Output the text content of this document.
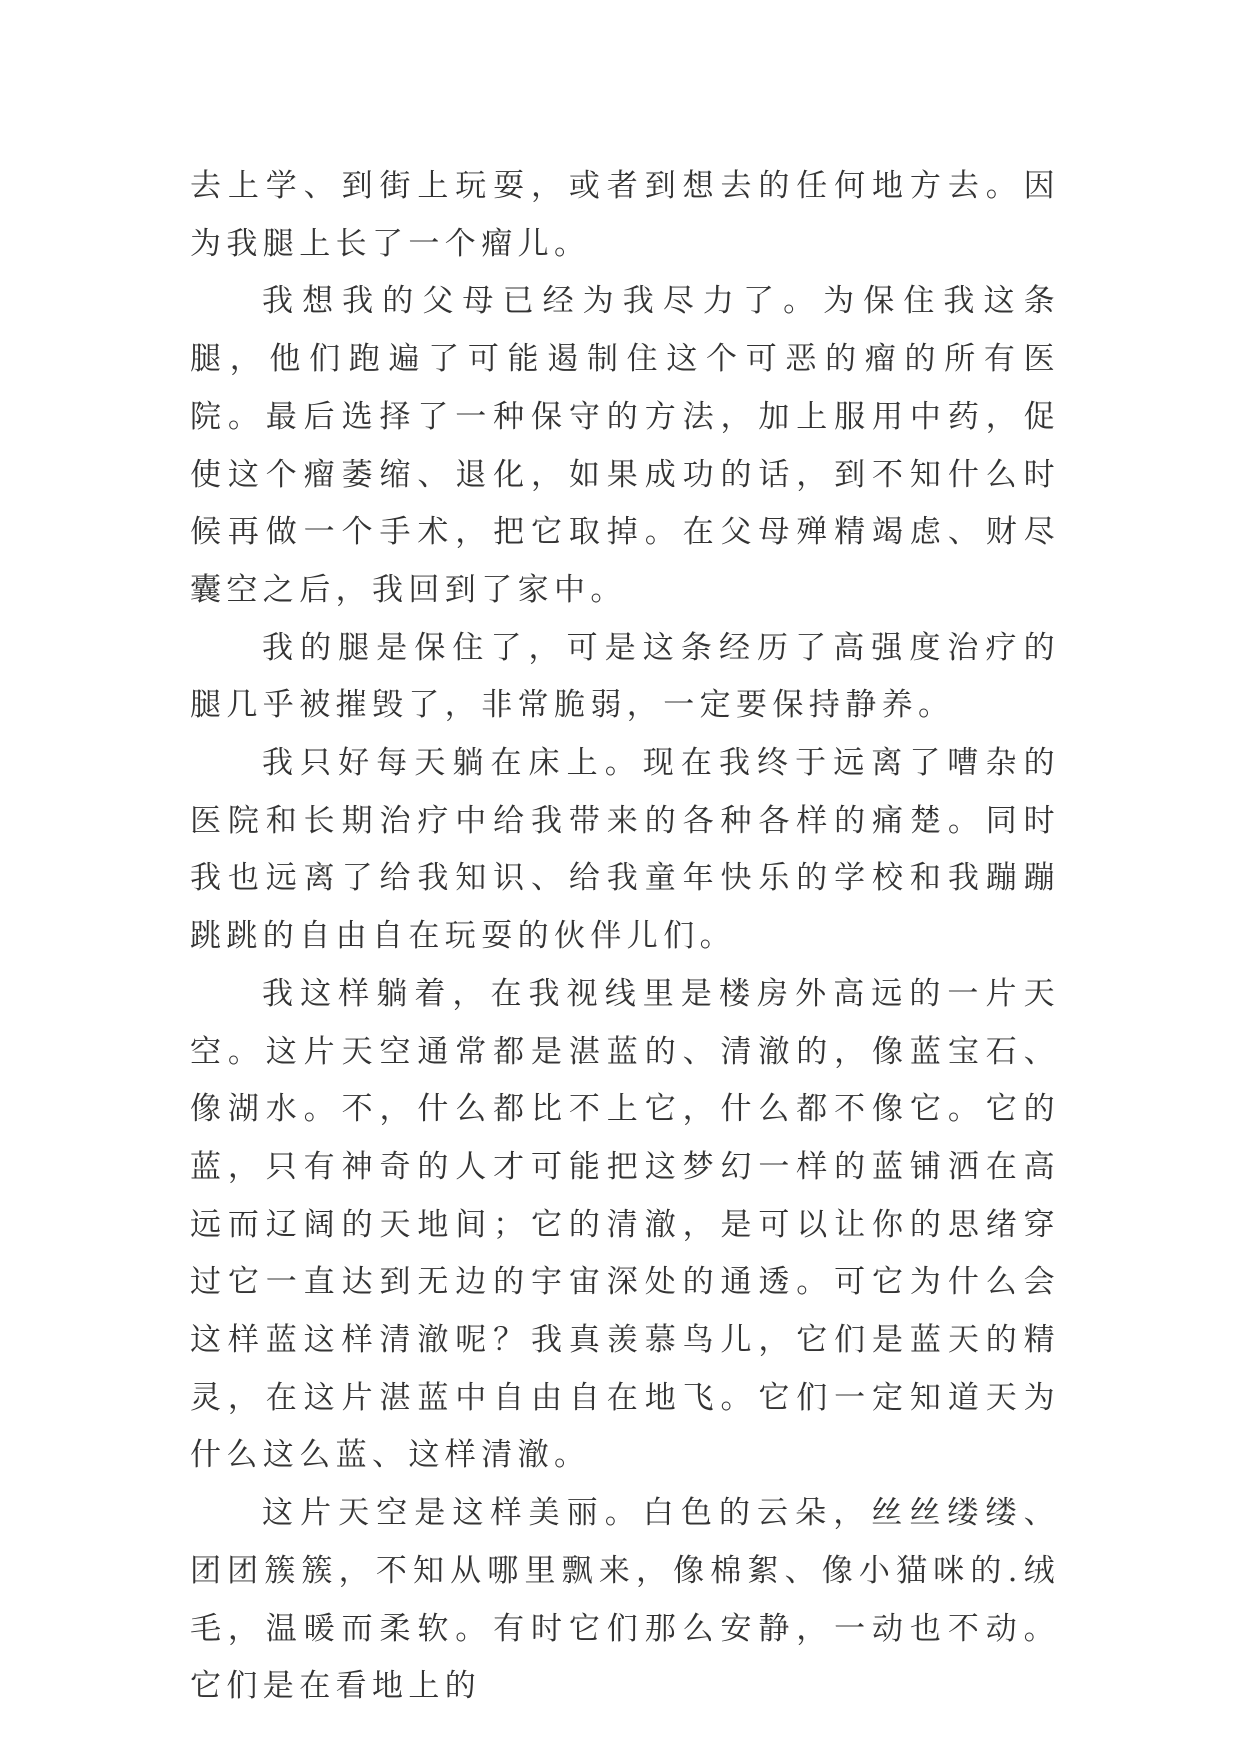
去上学、到街上玩耍，或者到想去的任何地方去。因为我腿上长了一个瘤儿。

我想我的父母已经为我尽力了。为保住我这条腿，他们跑遍了可能遏制住这个可恶的瘤的所有医院。最后选择了一种保守的方法，加上服用中药，促使这个瘤萎缩、退化，如果成功的话，到不知什么时候再做一个手术，把它取掉。在父母殚精竭虑、财尽囊空之后，我回到了家中。

我的腿是保住了，可是这条经历了高强度治疗的腿几乎被摧毁了，非常脆弱，一定要保持静养。

我只好每天躺在床上。现在我终于远离了嘈杂的医院和长期治疗中给我带来的各种各样的痛楚。同时我也远离了给我知识、给我童年快乐的学校和我蹦蹦跳跳的自由自在玩耍的伙伴儿们。

我这样躺着，在我视线里是楼房外高远的一片天空。这片天空通常都是湛蓝的、清澈的，像蓝宝石、像湖水。不，什么都比不上它，什么都不像它。它的蓝，只有神奇的人才可能把这梦幻一样的蓝铺洒在高远而辽阔的天地间；它的清澈，是可以让你的思绪穿过它一直达到无边的宇宙深处的通透。可它为什么会这样蓝这样清澈呢？我真羡慕鸟儿，它们是蓝天的精灵，在这片湛蓝中自由自在地飞。它们一定知道天为什么这么蓝、这样清澈。

这片天空是这样美丽。白色的云朵，丝丝缕缕、团团簇簇，不知从哪里飘来，像棉絮、像小猫咪的.绒毛，温暖而柔软。有时它们那么安静，一动也不动。它们是在看地上的
